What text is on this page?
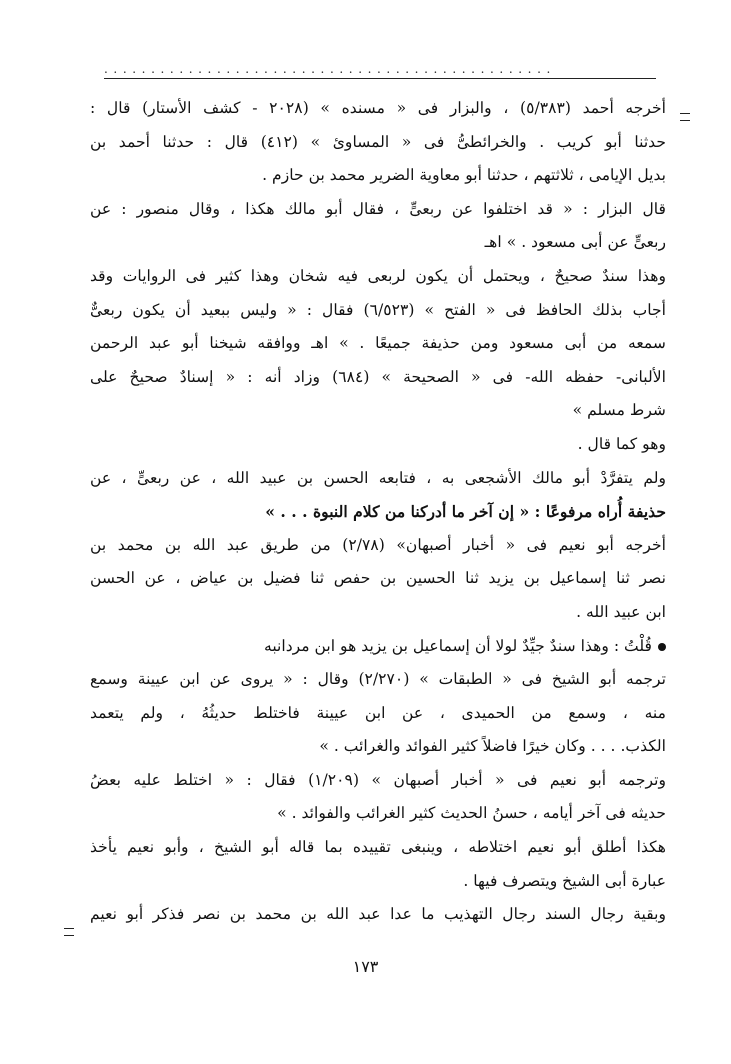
................................................
أخرجه أحمد (٥/٣٨٣) ، والبزار فى « مسنده » (٢٠٢٨ - كشف الأستار) قال :
حدثنا أبو كريب . والخرائطىُّ فى « المساوئ » (٤١٢) قال : حدثنا أحمد بن
بديل الإيامى ، ثلاثتهم ، حدثنا أبو معاوية الضرير محمد بن حازم .
قال البزار : « قد اختلفوا عن ربعىٍّ ، فقال أبو مالك هكذا ، وقال منصور : عن
ربعىٍّ عن أبى مسعود . » اهـ
وهذا سندٌ صحيحٌ ، ويحتمل أن يكون لربعى فيه شخان وهذا كثير فى الروايات وقد
أجاب بذلك الحافظ فى « الفتح » (٦/٥٢٣) فقال : « وليس ببعيد أن يكون ربعىٌّ
سمعه من أبى مسعود ومن حذيفة جميعًا . » اهـ ووافقه شيخنا أبو عبد الرحمن
الألبانى- حفظه الله- فى « الصحيحة » (٦٨٤) وزاد أنه : « إسنادٌ صحيحٌ على
شرط مسلم »
وهو كما قال .
ولم يتفرَّدْ أبو مالك الأشجعى به ، فتابعه الحسن بن عبيد الله ، عن ربعىٍّ ، عن
حذيفة أُراه مرفوعًا : « إن آخر ما أدركنا من كلام النبوة . . . »
أخرجه أبو نعيم فى « أخبار أصبهان» (٢/٧٨) من طريق عبد الله بن محمد بن
نصر ثنا إسماعيل بن يزيد ثنا الحسين بن حفص ثنا فضيل بن عياض ، عن الحسن
ابن عبيد الله .
قُلْتُ : وهذا سندٌ جيِّدٌ لولا أن إسماعيل بن يزيد هو ابن مردانبه
ترجمه أبو الشيخ فى « الطبقات » (٢/٢٧٠) وقال : « يروى عن ابن عيينة وسمع
منه ، وسمع من الحميدى ، عن ابن عيينة فاختلط حديثُهُ ، ولم يتعمد
الكذب. . . . وكان خيرًا فاضلاً كثير الفوائد والغرائب . »
وترجمه أبو نعيم فى « أخبار أصبهان » (١/٢٠٩) فقال : « اختلط عليه بعضُ
حديثه فى آخر أيامه ، حسنُ الحديث كثير الغرائب والفوائد . »
هكذا أطلق أبو نعيم اختلاطه ، وينبغى تقييده بما قاله أبو الشيخ ، وأبو نعيم يأخذ
عبارة أبى الشيخ ويتصرف فيها .
وبقية رجال السند رجال التهذيب ما عدا عبد الله بن محمد بن نصر فذكر أبو نعيم
١٧٣
